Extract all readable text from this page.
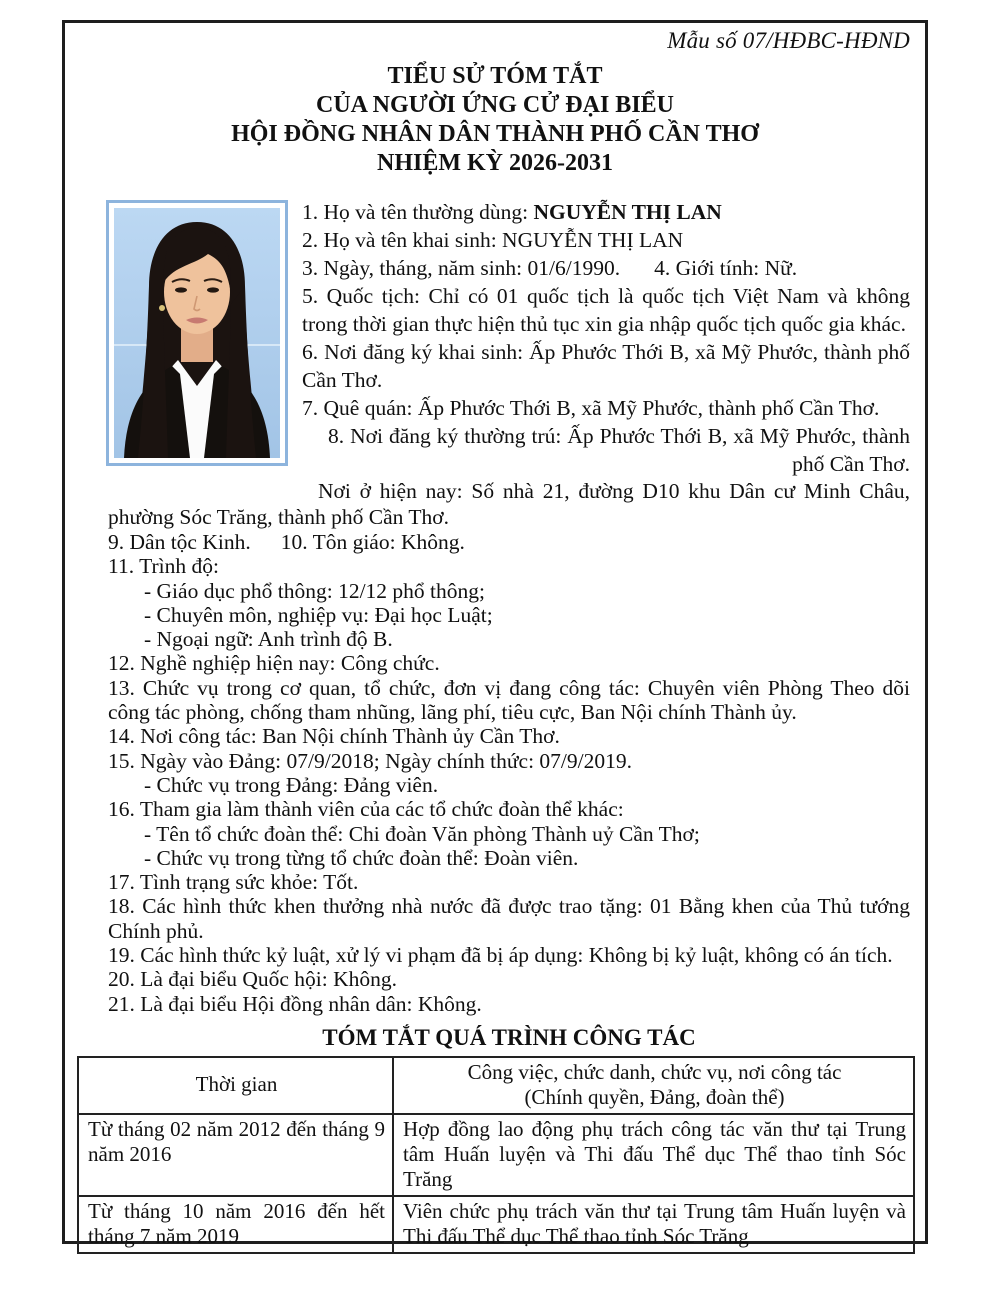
Mẫu số 07/HĐBC-HĐND
TIỂU SỬ TÓM TẮT
CỦA NGƯỜI ỨNG CỬ ĐẠI BIỂU
HỘI ĐỒNG NHÂN DÂN THÀNH PHỐ CẦN THƠ
NHIỆM KỲ 2026-2031

1. Họ và tên thường dùng: NGUYỄN THỊ LAN

2. Họ và tên khai sinh: NGUYỄN THỊ LAN

3. Ngày, tháng, năm sinh: 01/6/1990. 4. Giới tính: Nữ.

5. Quốc tịch: Chỉ có 01 quốc tịch là quốc tịch Việt Nam và không trong thời gian thực hiện thủ tục xin gia nhập quốc tịch quốc gia khác.

6. Nơi đăng ký khai sinh: Ấp Phước Thới B, xã Mỹ Phước, thành phố Cần Thơ.

7. Quê quán: Ấp Phước Thới B, xã Mỹ Phước, thành phố Cần Thơ.

8. Nơi đăng ký thường trú: Ấp Phước Thới B, xã Mỹ Phước, thành phố Cần Thơ.

Nơi ở hiện nay: Số nhà 21, đường D10 khu Dân cư Minh Châu, phường Sóc Trăng, thành phố Cần Thơ.

9. Dân tộc Kinh. 10. Tôn giáo: Không.

11. Trình độ:

- Giáo dục phổ thông: 12/12 phổ thông;

- Chuyên môn, nghiệp vụ: Đại học Luật;

- Ngoại ngữ: Anh trình độ B.

12. Nghề nghiệp hiện nay: Công chức.

13. Chức vụ trong cơ quan, tổ chức, đơn vị đang công tác: Chuyên viên Phòng Theo dõi công tác phòng, chống tham nhũng, lãng phí, tiêu cực, Ban Nội chính Thành ủy.

14. Nơi công tác: Ban Nội chính Thành ủy Cần Thơ.

15. Ngày vào Đảng: 07/9/2018; Ngày chính thức: 07/9/2019.

- Chức vụ trong Đảng: Đảng viên.

16. Tham gia làm thành viên của các tổ chức đoàn thể khác:

- Tên tổ chức đoàn thể: Chi đoàn Văn phòng Thành uỷ Cần Thơ;

- Chức vụ trong từng tổ chức đoàn thể: Đoàn viên.

17. Tình trạng sức khỏe: Tốt.

18. Các hình thức khen thưởng nhà nước đã được trao tặng: 01 Bằng khen của Thủ tướng Chính phủ.

19. Các hình thức kỷ luật, xử lý vi phạm đã bị áp dụng: Không bị kỷ luật, không có án tích.

20. Là đại biểu Quốc hội: Không.

21. Là đại biểu Hội đồng nhân dân: Không.

TÓM TẮT QUÁ TRÌNH CÔNG TÁC
Thời gian	Công việc, chức danh, chức vụ, nơi công tác
(Chính quyền, Đảng, đoàn thể)

Từ tháng 02 năm 2012 đến tháng 9 năm 2016	Hợp đồng lao động phụ trách công tác văn thư tại Trung tâm Huấn luyện và Thi đấu Thể dục Thể thao tỉnh Sóc Trăng
Từ tháng 10 năm 2016 đến hết tháng 7 năm 2019	Viên chức phụ trách văn thư tại Trung tâm Huấn luyện và Thi đấu Thể dục Thể thao tỉnh Sóc Trăng
